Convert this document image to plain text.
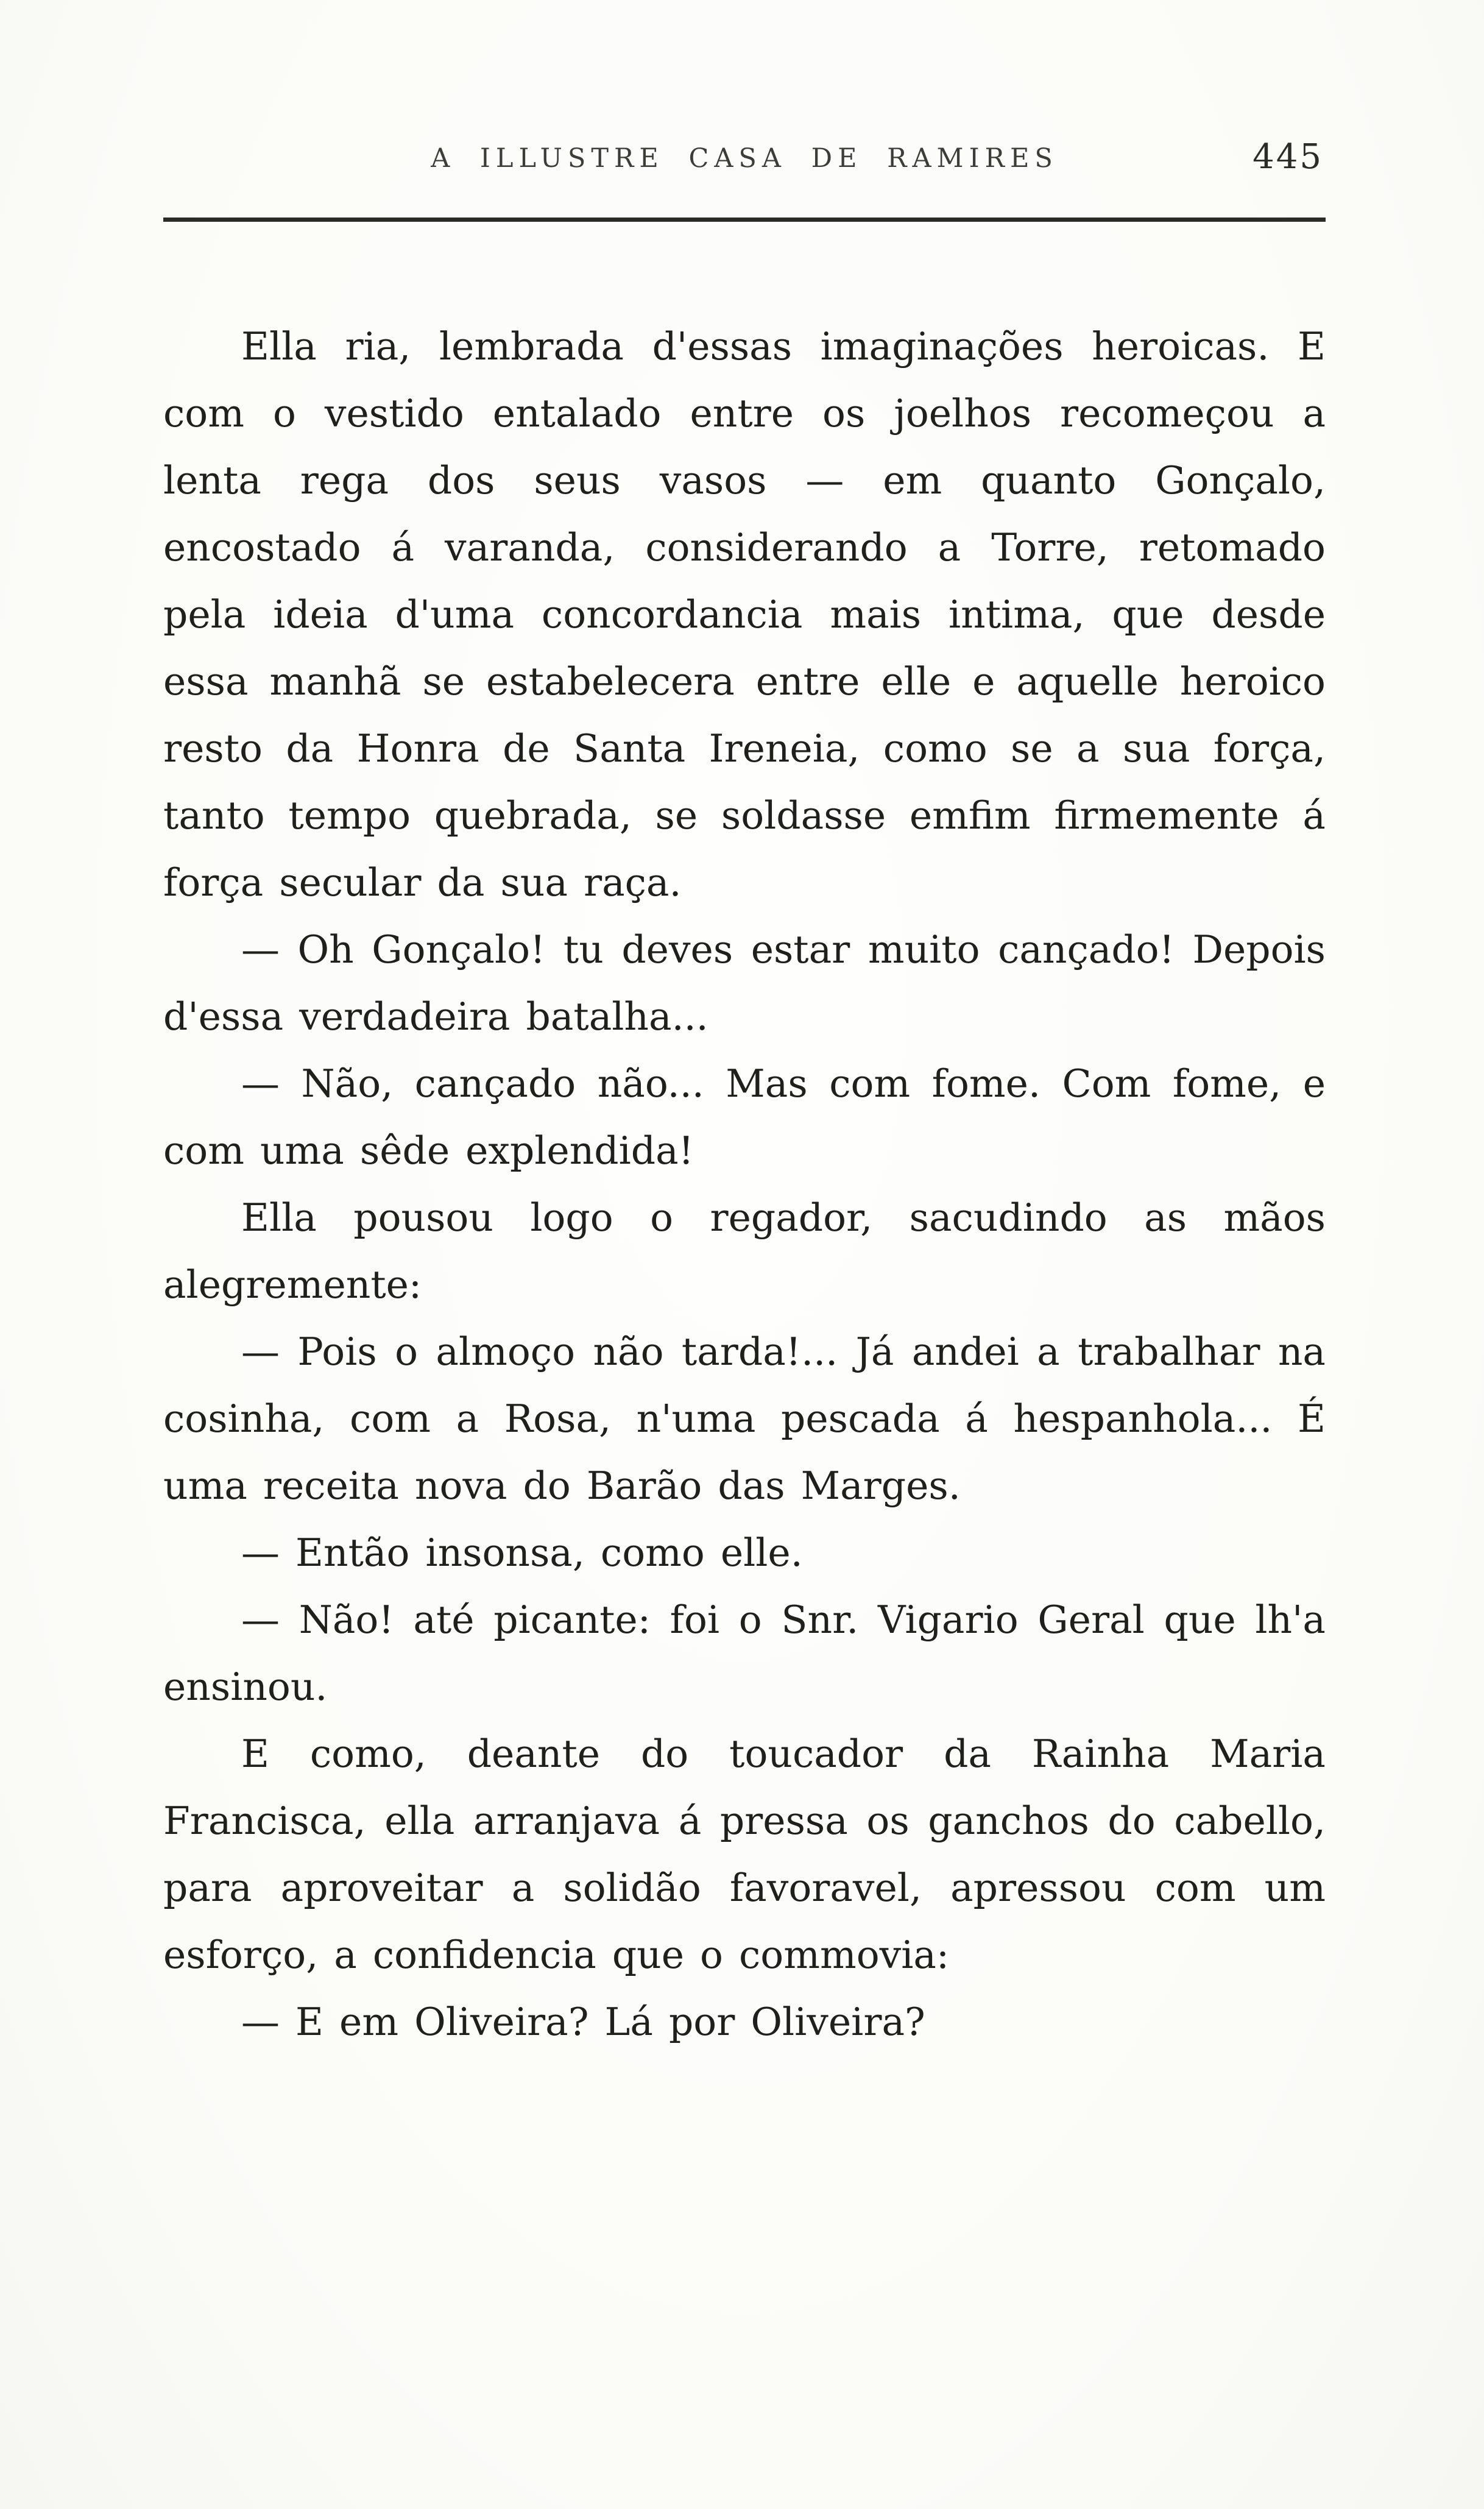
A ILLUSTRE CASA DE RAMIRES	445

Ella ria, lembrada d'essas imaginações heroicas. E com o vestido entalado entre os joelhos recomeçou a lenta rega dos seus vasos — em quanto Gonçalo, encostado á varanda, considerando a Torre, retomado pela ideia d'uma concordancia mais intima, que desde essa manhã se estabelecera entre elle e aquelle heroico resto da Honra de Santa Ireneia, como se a sua força, tanto tempo quebrada, se soldasse emfim firmemente á força secular da sua raça.

— Oh Gonçalo! tu deves estar muito cançado! Depois d'essa verdadeira batalha...

— Não, cançado não... Mas com fome. Com fome, e com uma sêde explendida!

Ella pousou logo o regador, sacudindo as mãos alegremente:

— Pois o almoço não tarda!... Já andei a trabalhar na cosinha, com a Rosa, n'uma pescada á hespanhola... É uma receita nova do Barão das Marges.

— Então insonsa, como elle.

— Não! até picante: foi o Snr. Vigario Geral que lh'a ensinou.

E como, deante do toucador da Rainha Maria Francisca, ella arranjava á pressa os ganchos do cabello, para aproveitar a solidão favoravel, apressou com um esforço, a confidencia que o commovia:

— E em Oliveira? Lá por Oliveira?
